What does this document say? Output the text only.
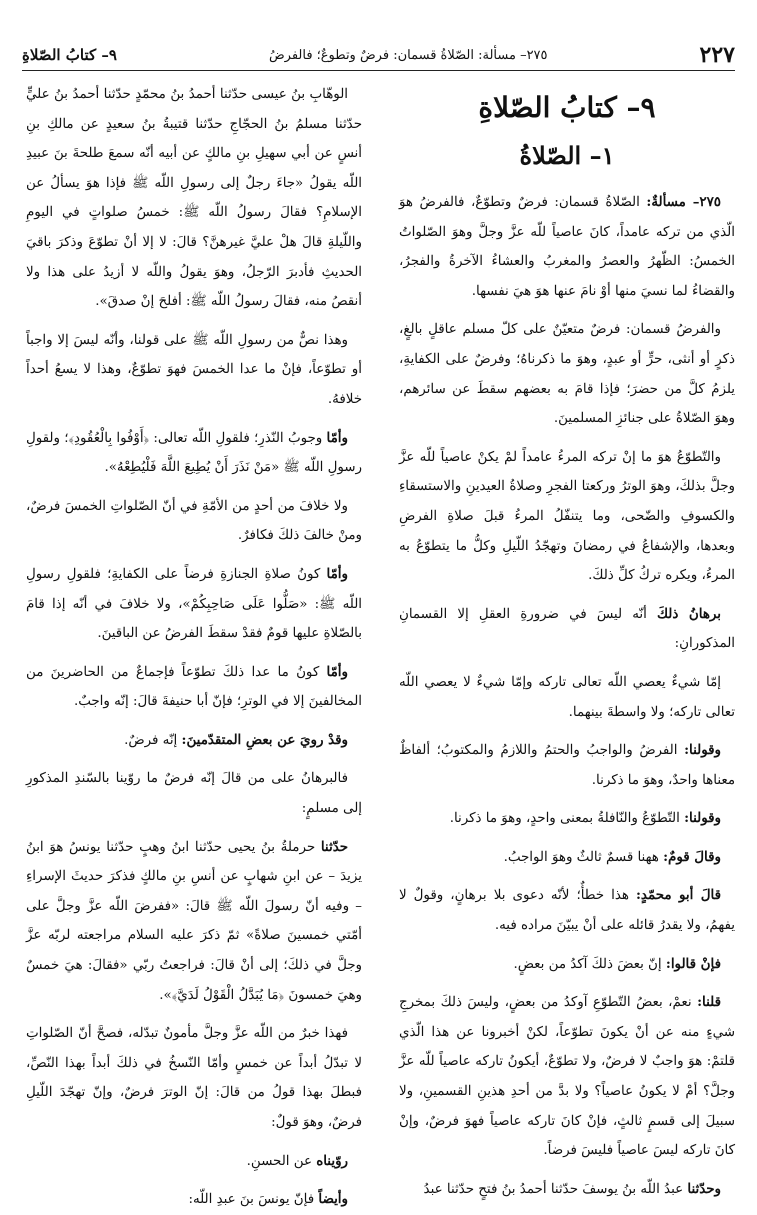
٢٢٧
٢٧٥– مسألة: الصّلاةُ قسمان: فرضٌ وتطوعٌ؛ فالفرضُ
٩– كتابُ الصّلاةِ
٩– كتابُ الصّلاةِ
١– الصّلاةُ

٢٧٥– مسألةٌ: الصّلاةُ قسمان: فرضٌ وتطوّعٌ، فالفرضُ هوَ الّذي من تركه عامداً، كانَ عاصياً للّه عزَّ وجلَّ وهوَ الصّلواتُ الخمسُ: الظّهرُ والعصرُ والمغربُ والعشاءُ الآخرةُ والفجرُ، والقضاءُ لما نسيَ منها أوْ نامَ عنها هوَ هيَ نفسها.

والفرضُ قسمان: فرضٌ متعيّنٌ على كلّ مسلم عاقلٍ بالغٍ، ذكرٍ أو أنثى، حرٍّ أو عبدٍ، وهوَ ما ذكرناهُ؛ وفرضٌ على الكفايةِ، يلزمُ كلَّ من حضرَ؛ فإذا قامَ به بعضهم سقطَ عن سائرهم، وهوَ الصّلاةُ على جنائزِ المسلمينَ.

والتّطوّعُ هوَ ما إنْ تركه المرءُ عامداً لمْ يكنْ عاصياً للّه عزَّ وجلَّ بذلكَ، وهوَ الوترُ وركعتا الفجرِ وصلاةُ العيدينِ والاستسقاءِ والكسوفِ والضّحى، وما يتنفّلُ المرءُ قبلَ صلاةِ الفرضِ وبعدها، والإشفاعُ في رمضانَ وتهجّدُ اللّيلِ وكلُّ ما يتطوّعُ به المرءُ، ويكره تركُ كلِّ ذلكَ.

برهانُ ذلكَ أنّه ليسَ في ضرورةِ العقلِ إلا القسمانِ المذكورانِ:

إمّا شيءٌ يعصي اللّه تعالى تاركه وإمّا شيءٌ لا يعصي اللّه تعالى تاركه؛ ولا واسطةَ بينهما.

وقولنا: الفرضُ والواجبُ والحتمُ واللازمُ والمكتوبُ؛ ألفاظٌ معناها واحدٌ، وهوَ ما ذكرنا.

وقولنا: التّطوّعُ والنّافلةُ بمعنى واحدٍ، وهوَ ما ذكرنا.

وقالَ قومٌ: ههنا قسمٌ ثالثٌ وهوَ الواجبُ.

قالَ أبو محمّدٍ: هذا خطأٌ؛ لأنّه دعوى بلا برهانٍ، وقولٌ لا يفهمُ، ولا يقدرُ قائله على أنْ يبيّنَ مراده فيه.

فإنْ قالوا: إنّ بعضَ ذلكَ آكدُ من بعضٍ.

قلنا: نعمْ، بعضُ التّطوّعِ آوكدُ من بعضٍ، وليسَ ذلكَ بمخرجِ شيءٍ منه عن أنْ يكونَ تطوّعاً، لكنْ أخبرونا عن هذا الّذي قلتمْ: هوَ واجبٌ لا فرضٌ، ولا تطوّعٌ، أيكونُ تاركه عاصياً للّه عزَّ وجلَّ؟ أمْ لا يكونُ عاصياً؟ ولا بدَّ من أحدِ هذينِ القسمينِ، ولا سبيلَ إلى قسمٍ ثالثٍ، فإنْ كانَ تاركه عاصياً فهوَ فرضٌ، وإنْ كانَ تاركه ليسَ عاصياً فليسَ فرضاً.

وحدّثنا عبدُ اللّه بنُ يوسفَ حدّثنا أحمدُ بنُ فتحٍ حدّثنا عبدُ

الوهّابِ بنُ عيسى حدّثنا أحمدُ بنُ محمّدٍ حدّثنا أحمدُ بنُ عليٍّ حدّثنا مسلمُ بنُ الحجّاجِ حدّثنا قتيبةُ بنُ سعيدٍ عن مالكِ بنِ أنسٍ عن أبي سهيلِ بنِ مالكٍ عن أبيه أنّه سمعَ طلحةَ بنَ عبيدِ اللّه يقولُ «جاءَ رجلٌ إلى رسولِ اللّه ﷺ فإذا هوَ يسألُ عن الإسلامِ؟ فقالَ رسولُ اللّه ﷺ: خمسُ صلواتٍ في اليومِ واللّيلةِ قالَ هلْ عليَّ غيرهنَّ؟ قالَ: لا إلا أنْ تطوّعَ وذكرَ باقيَ الحديثِ فأدبرَ الرّجلُ، وهوَ يقولُ واللّه لا أزيدُ على هذا ولا أنقصُ منه، فقالَ رسولُ اللّه ﷺ: أفلحَ إنْ صدقَ».

وهذا نصٌّ من رسولِ اللّه ﷺ على قولنا، وأنّه ليسَ إلا واجباً أو تطوّعاً، فإنْ ما عدا الخمسَ فهوَ تطوّعٌ، وهذا لا يسعُ أحداً خلافهُ.

وأمّا وجوبُ النّذرِ؛ فلقولِ اللّه تعالى: ﴿أَوْفُوا بِالْعُقُودِ﴾؛ ولقولِ رسولِ اللّه ﷺ «مَنْ نَذَرَ أَنْ يُطِيعَ اللَّهَ فَلْيُطِعْهُ».

ولا خلافَ من أحدٍ من الأمّةِ في أنّ الصّلواتِ الخمسَ فرضٌ، ومنْ خالفَ ذلكَ فكافرٌ.

وأمّا كونُ صلاةِ الجنازةِ فرضاً على الكفايةِ؛ فلقولِ رسولِ اللّه ﷺ: «صَلُّوا عَلَى صَاحِبِكُمْ»، ولا خلافَ في أنّه إذا قامَ بالصّلاةِ عليها قومٌ فقدْ سقطَ الفرضُ عن الباقينَ.

وأمّا كونُ ما عدا ذلكَ تطوّعاً فإجماعٌ من الحاضرينَ من المخالفينَ إلا في الوترِ؛ فإنّ أبا حنيفةَ قالَ: إنّه واجبٌ.

وقدْ رويَ عن بعضِ المتقدّمينَ: إنّه فرضٌ.

فالبرهانُ على من قالَ إنّه فرضٌ ما روّينا بالسّندِ المذكورِ إلى مسلمٍ:

حدّثنا حرملةُ بنُ يحيى حدّثنا ابنُ وهبٍ حدّثنا يونسُ هوَ ابنُ يزيدَ – عن ابنِ شهابٍ عن أنسِ بنِ مالكٍ فذكرَ حديثَ الإسراءِ – وفيه أنّ رسولَ اللّه ﷺ قالَ: «ففرضَ اللّه عزَّ وجلَّ على أمّتي خمسينَ صلاةً» ثمّ ذكرَ عليه السلام مراجعته لربّه عزَّ وجلَّ في ذلكَ؛ إلى أنْ قالَ: فراجعتُ ربّي «فقالَ: هيَ خمسٌ وهيَ خمسونَ ﴿مَا يُبَدَّلُ الْقَوْلُ لَدَيَّ﴾».

فهذا خبرٌ من اللّه عزَّ وجلَّ مأمونٌ تبدّله، فصحَّ أنّ الصّلواتِ لا تبدّلُ أبداً عن خمسٍ وأمّا النّسخُ في ذلكَ أبداً بهذا النّصِّ، فبطلَ بهذا قولُ من قالَ: إنّ الوترَ فرضٌ، وإنّ تهجّدَ اللّيلِ فرضٌ، وهوَ قولٌ:

روّيناه عن الحسنِ.

وأيضاً فإنّ يونسَ بنَ عبدِ اللّه:
